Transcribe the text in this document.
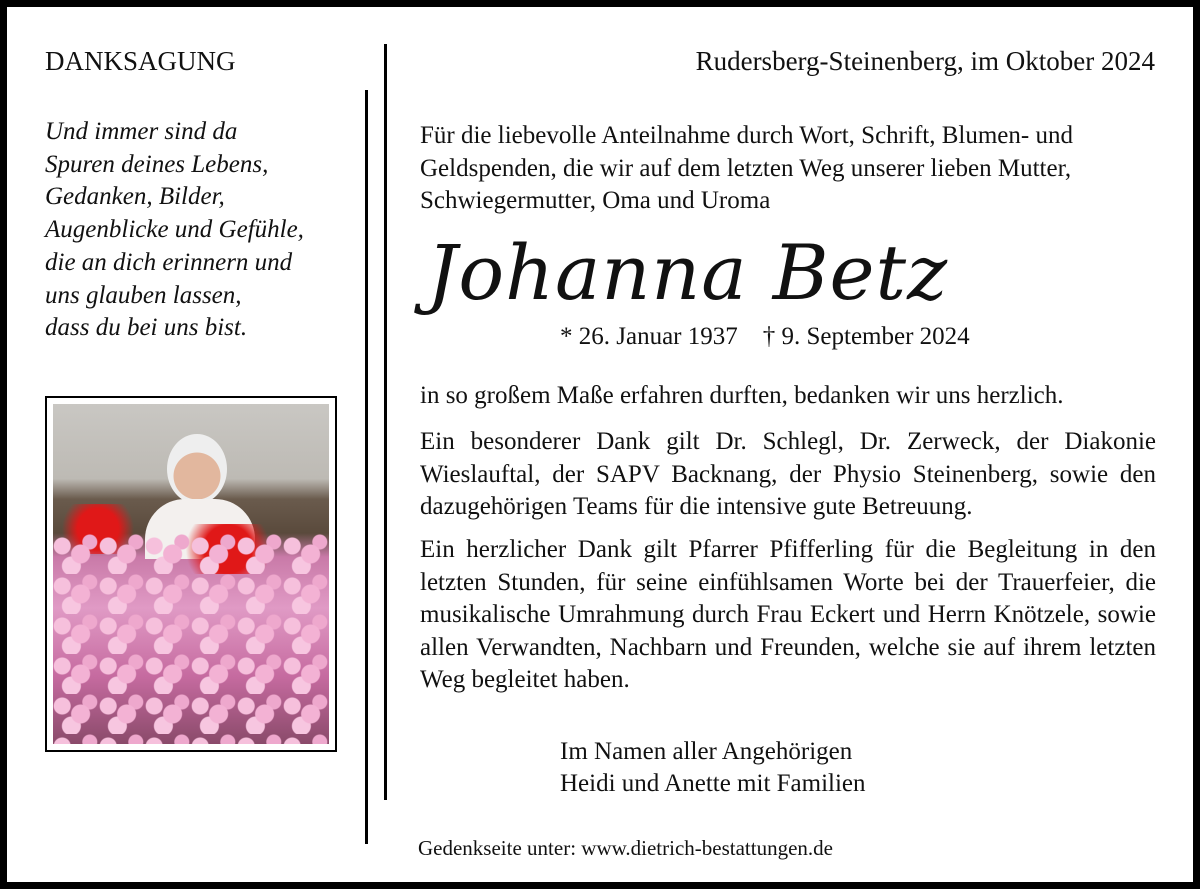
DANKSAGUNG
Und immer sind da
Spuren deines Lebens,
Gedanken, Bilder,
Augenblicke und Gefühle,
die an dich erinnern und
uns glauben lassen,
dass du bei uns bist.
Rudersberg-Steinenberg, im Oktober 2024
Für die liebevolle Anteilnahme durch Wort, Schrift, Blumen- und Geldspenden, die wir auf dem letzten Weg unserer lieben Mutter, Schwiegermutter, Oma und Uroma
Johanna Betz
* 26. Januar 1937    † 9. September 2024
in so großem Maße erfahren durften, bedanken wir uns herzlich.
Ein besonderer Dank gilt Dr. Schlegl, Dr. Zerweck, der Diakonie Wieslauftal, der SAPV Backnang, der Physio Steinenberg, sowie den dazugehörigen Teams für die intensive gute Betreuung.
Ein herzlicher Dank gilt Pfarrer Pfifferling für die Begleitung in den letzten Stunden, für seine einfühlsamen Worte bei der Trauerfeier, die musikalische Umrahmung durch Frau Eckert und Herrn Knötzele, sowie allen Verwandten, Nachbarn und Freunden, welche sie auf ihrem letzten Weg begleitet haben.
Im Namen aller Angehörigen
Heidi und Anette mit Familien
Gedenkseite unter: www.dietrich-bestattungen.de
